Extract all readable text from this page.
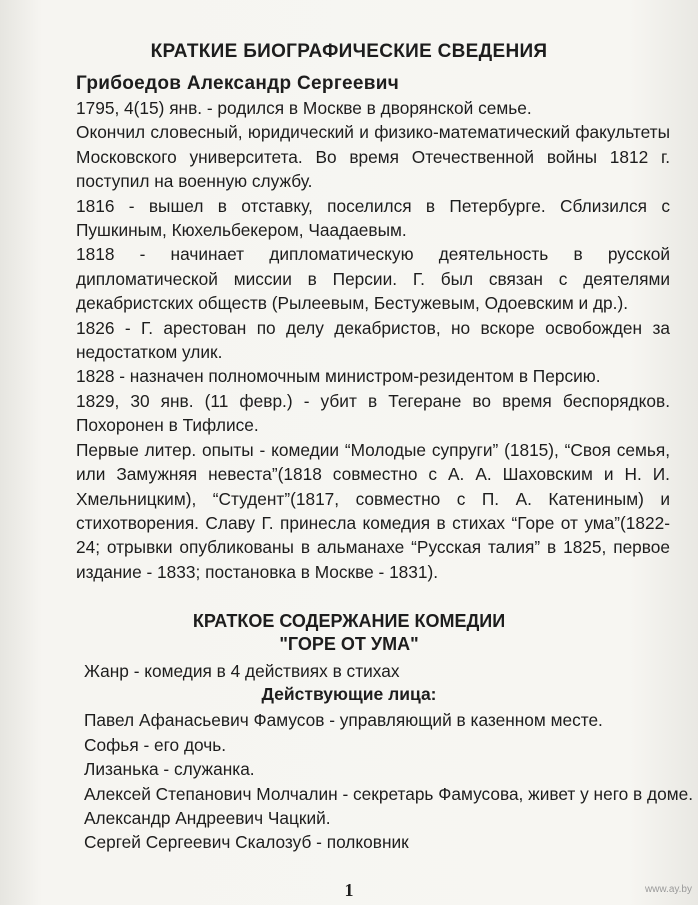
КРАТКИЕ БИОГРАФИЧЕСКИЕ СВЕДЕНИЯ
Грибоедов Александр Сергеевич

1795, 4(15) янв. - родился в Москве в дворянской семье.

Окончил словесный, юридический и физико-математический факультеты Московского университета. Во время Отечественной войны 1812 г. поступил на военную службу.

1816 - вышел в отставку, поселился в Петербурге. Сблизился с Пушкиным, Кюхельбекером, Чаадаевым.

1818 - начинает дипломатическую деятельность в русской дипломатической миссии в Персии. Г. был связан с деятелями декабристских обществ (Рылеевым, Бестужевым, Одоевским и др.).

1826 - Г. арестован по делу декабристов, но вскоре освобожден за недостатком улик.

1828 - назначен полномочным министром-резидентом в Персию.

1829, 30 янв. (11 февр.) - убит в Тегеране во время беспорядков. Похоронен в Тифлисе.

Первые литер. опыты - комедии “Молодые супруги” (1815), “Своя семья, или Замужняя невеста”(1818 совместно с А. А. Шаховским и Н. И. Хмельницким), “Студент”(1817, совместно с П. А. Катениным) и стихотворения. Славу Г. принесла комедия в стихах “Горе от ума”(1822-24; отрывки опубликованы в альманахе “Русская талия” в 1825, первое издание - 1833; постановка в Москве - 1831).

КРАТКОЕ СОДЕРЖАНИЕ КОМЕДИИ
"ГОРЕ ОТ УМА"

Жанр - комедия в 4 действиях в стихах

Действующие лица:

Павел Афанасьевич Фамусов - управляющий в казенном месте.

Софья - его дочь.

Лизанька - служанка.

Алексей Степанович Молчалин - секретарь Фамусова, живет у него в доме.

Александр Андреевич Чацкий.

Сергей Сергеевич Скалозуб - полковник

1	www.ay.by
